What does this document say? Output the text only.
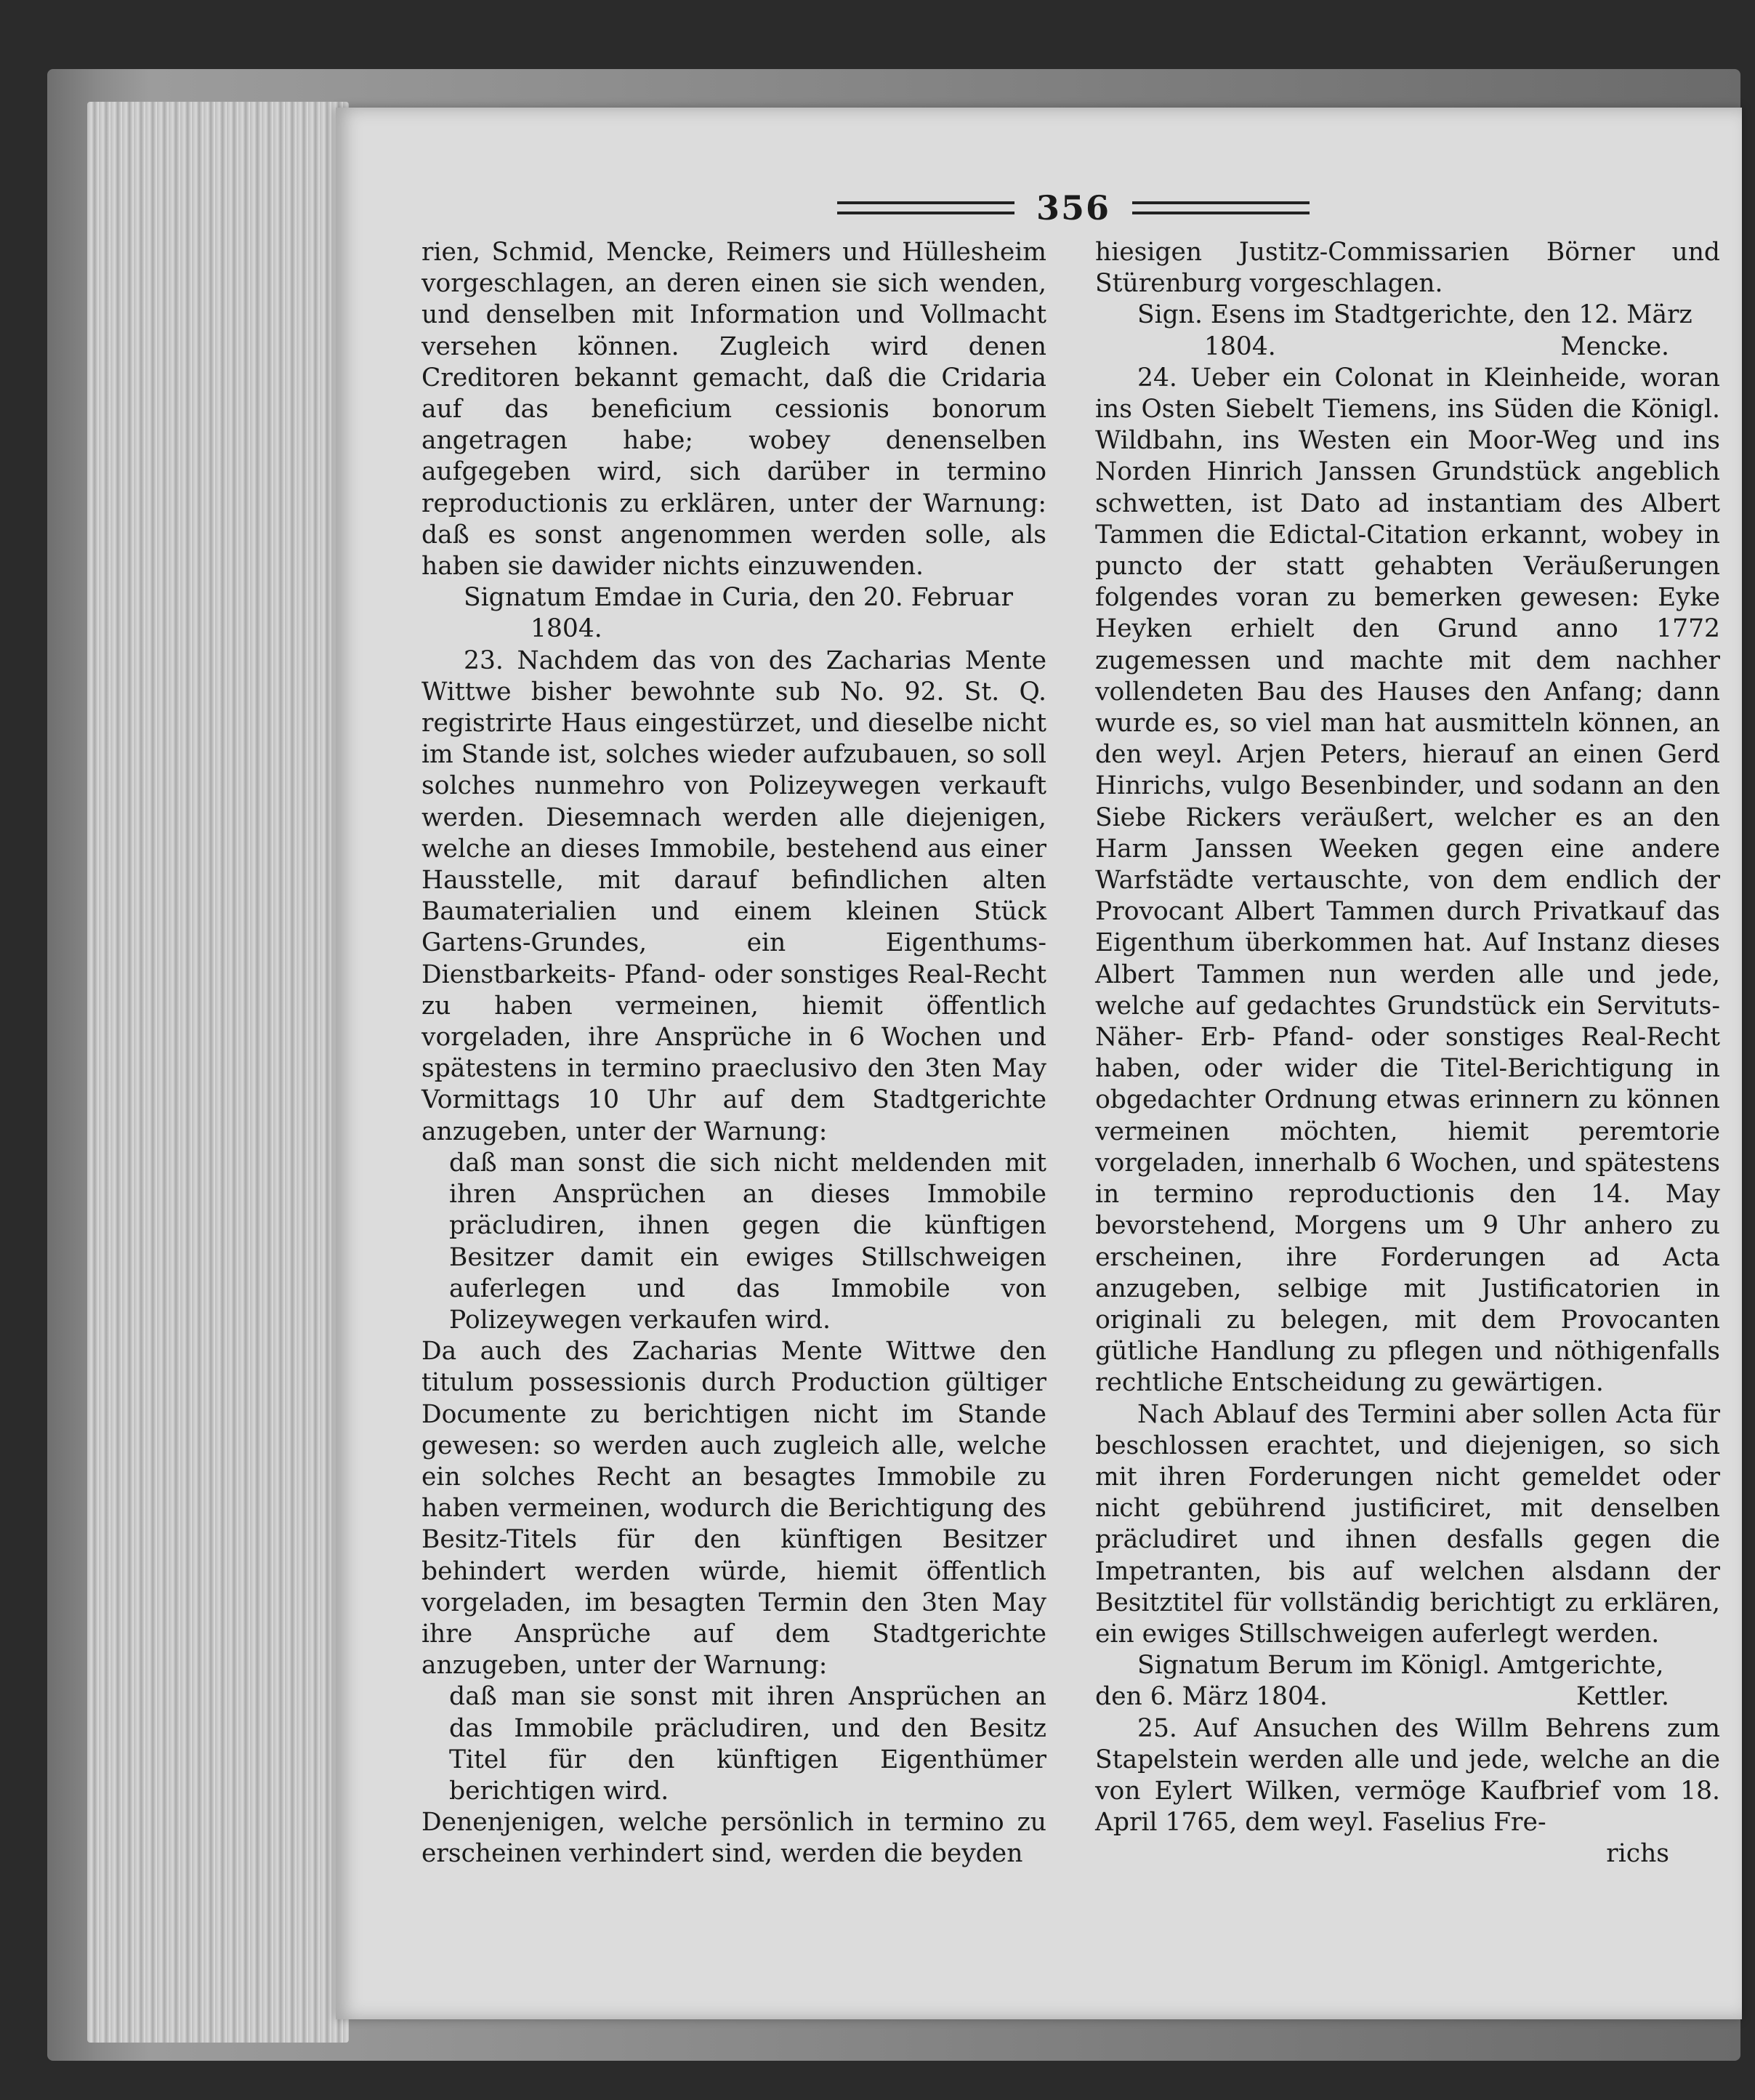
356

rien, Schmid, Mencke, Reimers und Hüllesheim vorgeschlagen, an deren einen sie sich wenden, und denselben mit Information und Vollmacht versehen können. Zugleich wird denen Creditoren bekannt gemacht, daß die Cridaria auf das beneficium cessionis bonorum angetragen habe; wobey denenselben aufgegeben wird, sich darüber in termino reproductionis zu erklären, unter der Warnung: daß es sonst angenommen werden solle, als haben sie dawider nichts einzuwenden.

Signatum Emdae in Curia, den 20. Februar

1804.

23. Nachdem das von des Zacharias Mente Wittwe bisher bewohnte sub No. 92. St. Q. registrirte Haus eingestürzet, und dieselbe nicht im Stande ist, solches wieder aufzubauen, so soll solches nunmehro von Polizeywegen verkauft werden. Diesemnach werden alle diejenigen, welche an dieses Immobile, bestehend aus einer Hausstelle, mit darauf befindlichen alten Baumaterialien und einem kleinen Stück Gartens-Grundes, ein Eigenthums- Dienstbarkeits- Pfand- oder sonstiges Real-Recht zu haben vermeinen, hiemit öffentlich vorgeladen, ihre Ansprüche in 6 Wochen und spätestens in termino praeclusivo den 3ten May Vormittags 10 Uhr auf dem Stadtgerichte anzugeben, unter der Warnung:

daß man sonst die sich nicht meldenden mit ihren Ansprüchen an dieses Immobile präcludiren, ihnen gegen die künftigen Besitzer damit ein ewiges Stillschweigen auferlegen und das Immobile von Polizeywegen verkaufen wird.

Da auch des Zacharias Mente Wittwe den titulum possessionis durch Production gültiger Documente zu berichtigen nicht im Stande gewesen: so werden auch zugleich alle, welche ein solches Recht an besagtes Immobile zu haben vermeinen, wodurch die Berichtigung des Besitz-Titels für den künftigen Besitzer behindert werden würde, hiemit öffentlich vorgeladen, im besagten Termin den 3ten May ihre Ansprüche auf dem Stadtgerichte anzugeben, unter der Warnung:

daß man sie sonst mit ihren Ansprüchen an das Immobile präcludiren, und den Besitz Titel für den künftigen Eigenthümer berichtigen wird.

Denenjenigen, welche persönlich in termino zu erscheinen verhindert sind, werden die beyden

hiesigen Justitz-Commissarien Börner und Stürenburg vorgeschlagen.

Sign. Esens im Stadtgerichte, den 12. März

1804.	Mencke.

24. Ueber ein Colonat in Kleinheide, woran ins Osten Siebelt Tiemens, ins Süden die Königl. Wildbahn, ins Westen ein Moor-Weg und ins Norden Hinrich Janssen Grundstück angeblich schwetten, ist Dato ad instantiam des Albert Tammen die Edictal-Citation erkannt, wobey in puncto der statt gehabten Veräußerungen folgendes voran zu bemerken gewesen: Eyke Heyken erhielt den Grund anno 1772 zugemessen und machte mit dem nachher vollendeten Bau des Hauses den Anfang; dann wurde es, so viel man hat ausmitteln können, an den weyl. Arjen Peters, hierauf an einen Gerd Hinrichs, vulgo Besenbinder, und sodann an den Siebe Rickers veräußert, welcher es an den Harm Janssen Weeken gegen eine andere Warfstädte vertauschte, von dem endlich der Provocant Albert Tammen durch Privatkauf das Eigenthum überkommen hat. Auf Instanz dieses Albert Tammen nun werden alle und jede, welche auf gedachtes Grundstück ein Servituts- Näher- Erb- Pfand- oder sonstiges Real-Recht haben, oder wider die Titel-Berichtigung in obgedachter Ordnung etwas erinnern zu können vermeinen möchten, hiemit peremtorie vorgeladen, innerhalb 6 Wochen, und spätestens in termino reproductionis den 14. May bevorstehend, Morgens um 9 Uhr anhero zu erscheinen, ihre Forderungen ad Acta anzugeben, selbige mit Justificatorien in originali zu belegen, mit dem Provocanten gütliche Handlung zu pflegen und nöthigenfalls rechtliche Entscheidung zu gewärtigen.

Nach Ablauf des Termini aber sollen Acta für beschlossen erachtet, und diejenigen, so sich mit ihren Forderungen nicht gemeldet oder nicht gebührend justificiret, mit denselben präcludiret und ihnen desfalls gegen die Impetranten, bis auf welchen alsdann der Besitztitel für vollständig berichtigt zu erklären, ein ewiges Stillschweigen auferlegt werden.

Signatum Berum im Königl. Amtgerichte,

den 6. März 1804.	Kettler.

25. Auf Ansuchen des Willm Behrens zum Stapelstein werden alle und jede, welche an die von Eylert Wilken, vermöge Kaufbrief vom 18. April 1765, dem weyl. Faselius Fre-

richs
